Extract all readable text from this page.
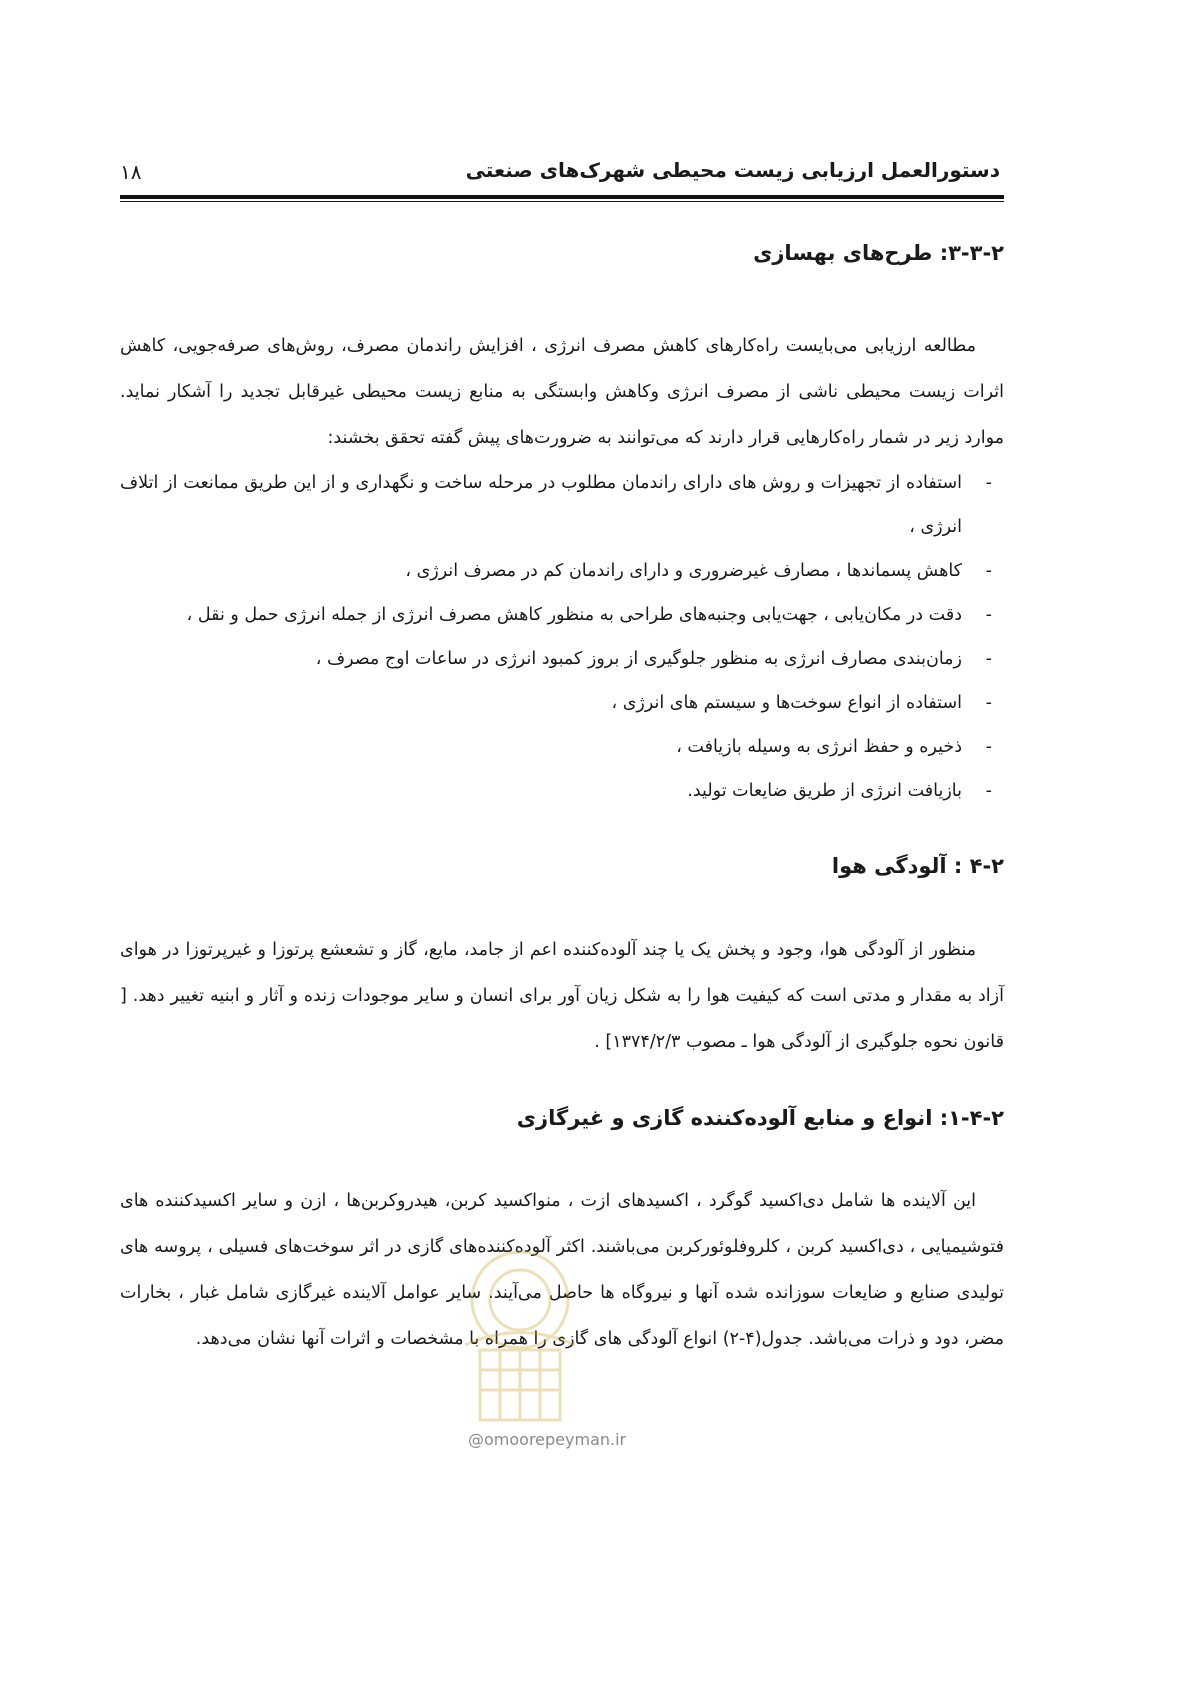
دستورالعمل ارزیابی زیست محیطی شهرک‌های صنعتی
۱۸
۳-۳-۲: طرح‌های بهسازی

مطالعه ارزیابی می‌بایست راه‌کارهای کاهش مصرف انرژی ، افزایش راندمان مصرف، روش‌های صرفه‌جویی، کاهش اثرات زیست محیطی ناشی از مصرف انرژی وکاهش وابستگی به منابع زیست محیطی غیرقابل تجدید را آشکار نماید. موارد زیر در شمار راه‌کارهایی قرار دارند که می‌توانند به ضرورت‌های پیش گفته تحقق بخشند:

-
استفاده از تجهیزات و روش های دارای راندمان مطلوب در مرحله ساخت و نگهداری و از این طریق ممانعت از اتلاف انرژی ،
-
کاهش پسماندها ، مصارف غیرضروری و دارای راندمان کم در مصرف انرژی ،
-
دقت در مکان‌یابی ، جهت‌یابی وجنبه‌های طراحی به منظور کاهش مصرف انرژی از جمله انرژی حمل و نقل ،
-
زمان‌بندی مصارف انرژی به منظور جلوگیری از بروز کمبود انرژی در ساعات اوج مصرف ،
-
استفاده از انواع سوخت‌ها و سیستم های انرژی ،
-
ذخیره و حفظ انرژی به وسیله بازیافت ،
-
بازیافت انرژی از طریق ضایعات تولید.
۴-۲ : آلودگی هوا

منظور از آلودگی هوا، وجود و پخش یک یا چند آلوده‌کننده اعم از جامد، مایع، گاز و تشعشع پرتوزا و غیرپرتوزا در هوای آزاد به مقدار و مدتی است که کیفیت هوا را به شکل زیان آور برای انسان و سایر موجودات زنده و آثار و ابنیه تغییر دهد. [ قانون نحوه جلوگیری از آلودگی هوا ـ مصوب ۱۳۷۴/۲/۳] .

۱-۴-۲: انواع و منابع آلوده‌کننده گازی و غیرگازی

این آلاینده ها شامل دی‌اکسید گوگرد ، اکسیدهای ازت ، منواکسید کربن، هیدروکربن‌ها ، ازن و سایر اکسیدکننده های فتوشیمیایی ، دی‌اکسید کربن ، کلروفلوئورکربن می‌باشند. اکثر آلوده‌کننده‌های گازی در اثر سوخت‌های فسیلی ، پروسه های تولیدی صنایع و ضایعات سوزانده شده آنها و نیروگاه ها حاصل می‌آیند. سایر عوامل آلاینده غیرگازی شامل غبار ، بخارات مضر، دود و ذرات می‌باشد. جدول(۴-۲) انواع آلودگی های گازی را همراه با مشخصات و اثرات آنها نشان می‌دهد.

@omoorepeyman.ir
